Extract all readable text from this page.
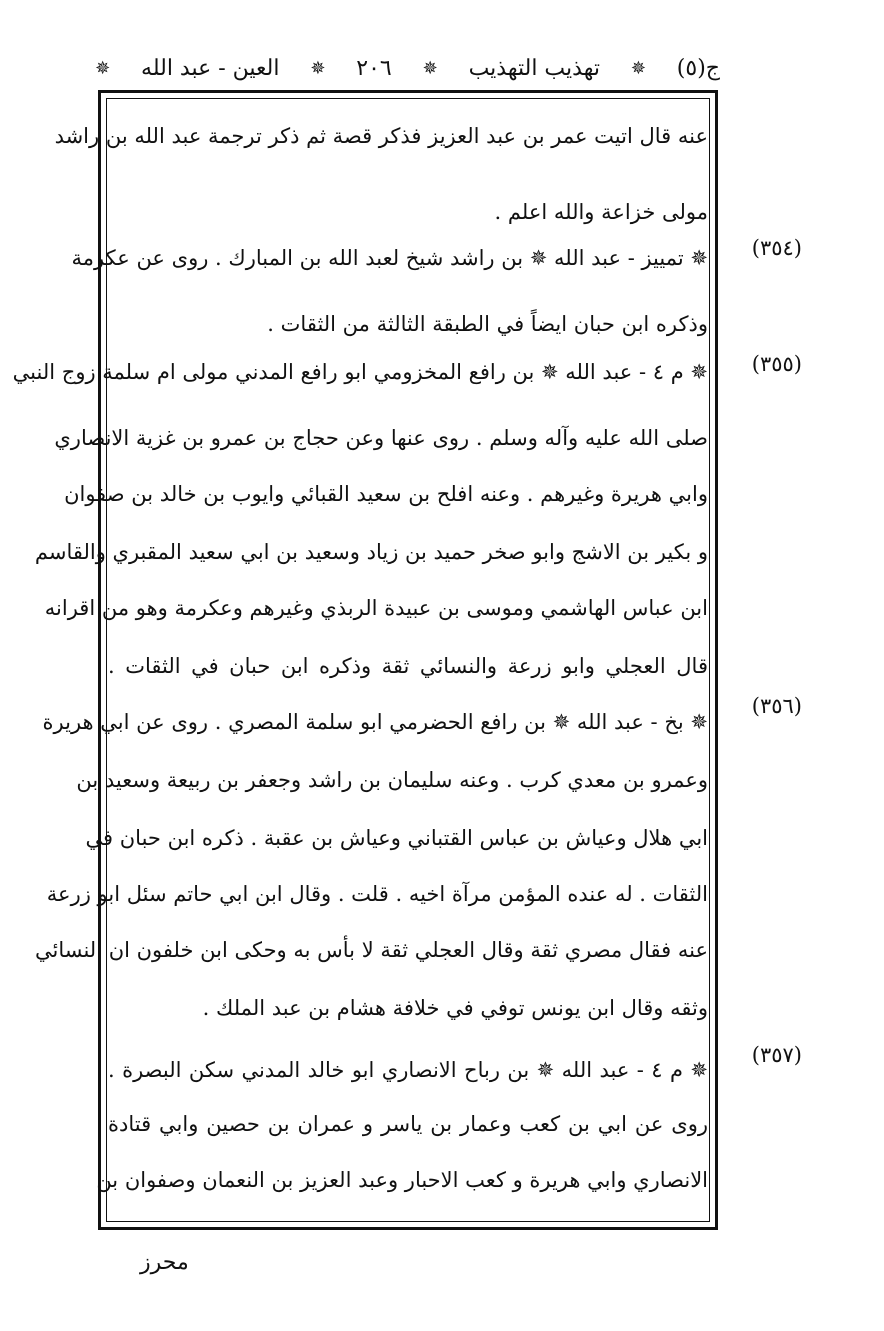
ج(٥)
✵
تهذيب التهذيب
✵
٢٠٦
✵
العين - عبد الله
✵
(٣٥٤)
(٣٥٥)
(٣٥٦)
(٣٥٧)
عنه قال اتيت عمر بن عبد العزيز فذكر قصة ثم ذكر ترجمة عبد الله بن راشد
مولى خزاعة والله اعلم .
✵ تمييز - عبد الله ✵ بن راشد شيخ لعبد الله بن المبارك . روى عن عكرمة
وذكره ابن حبان ايضاً في الطبقة الثالثة من الثقات .
✵ م ٤ - عبد الله ✵ بن رافع المخزومي ابو رافع المدني مولى ام سلمة زوج النبي
صلى الله عليه وآله وسلم . روى عنها وعن حجاج بن عمرو بن غزية الانصاري
وابي هريرة وغيرهم . وعنه افلح بن سعيد القبائي وايوب بن خالد بن صفوان
و بكير بن الاشج وابو صخر حميد بن زياد وسعيد بن ابي سعيد المقبري والقاسم
ابن عباس الهاشمي وموسى بن عبيدة الربذي وغيرهم وعكرمة وهو من اقرانه
قال العجلي وابو زرعة والنسائي ثقة وذكره ابن حبان في الثقات .
✵ بخ - عبد الله ✵ بن رافع الحضرمي ابو سلمة المصري . روى عن ابي هريرة
وعمرو بن معدي كرب . وعنه سليمان بن راشد وجعفر بن ربيعة وسعيد بن
ابي هلال وعياش بن عباس القتباني وعياش بن عقبة . ذكره ابن حبان في
الثقات . له عنده المؤمن مرآة اخيه . قلت . وقال ابن ابي حاتم سئل ابو زرعة
عنه فقال مصري ثقة وقال العجلي ثقة لا بأس به وحكى ابن خلفون ان النسائي
وثقه وقال ابن يونس توفي في خلافة هشام بن عبد الملك .
✵ م ٤ - عبد الله ✵ بن رباح الانصاري ابو خالد المدني سكن البصرة .
روى عن ابي بن كعب وعمار بن ياسر و عمران بن حصين وابي قتادة
الانصاري وابي هريرة و كعب الاحبار وعبد العزيز بن النعمان وصفوان بن
محرز
